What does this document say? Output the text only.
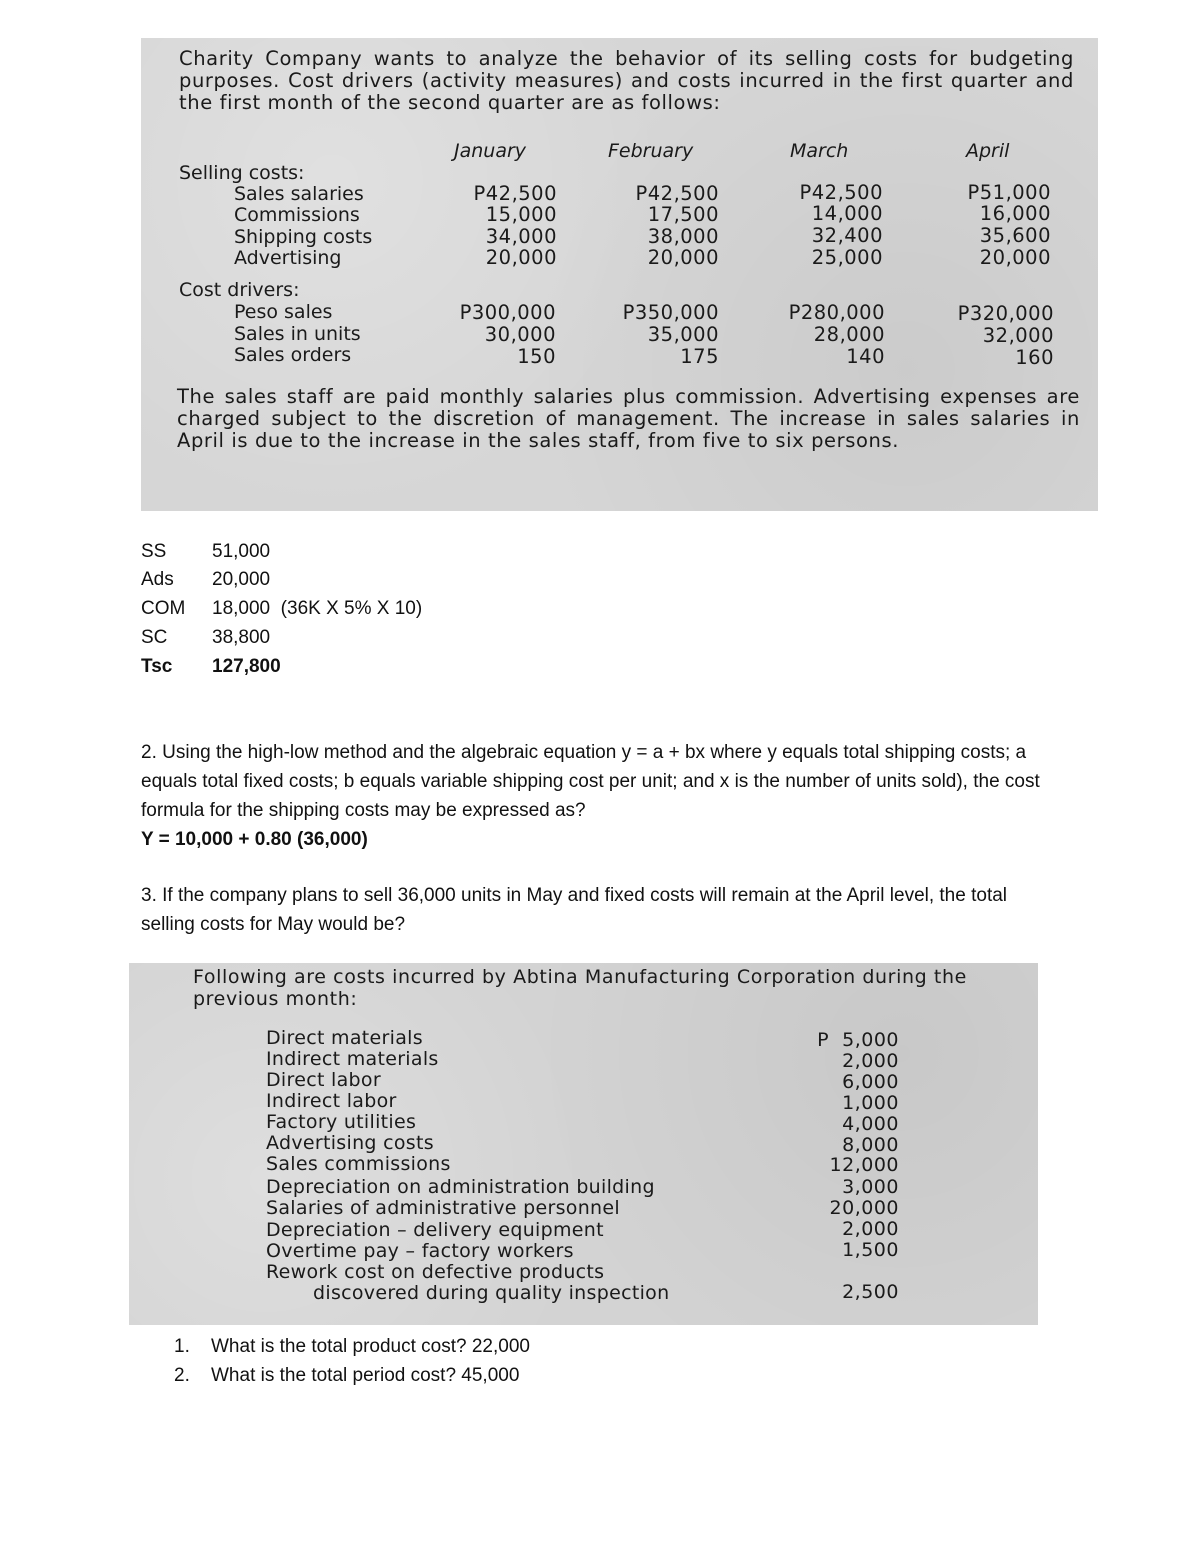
Charity Company wants to analyze the behavior of its selling costs for budgeting purposes. Cost drivers (activity measures) and costs incurred in the first quarter and the first month of the second quarter are as follows:

January	February	March	April
Selling costs:
Sales salaries	P42,500	P42,500	P42,500	P51,000
Commissions	15,000	17,500	14,000	16,000
Shipping costs	34,000	38,000	32,400	35,600
Advertising	20,000	20,000	25,000	20,000
Cost drivers:
Peso sales	P300,000	P350,000	P280,000	P320,000
Sales in units	30,000	35,000	28,000	32,000
Sales orders	150	175	140	160

The sales staff are paid monthly salaries plus commission. Advertising expenses are charged subject to the discretion of management. The increase in sales salaries in April is due to the increase in the sales staff, from five to six persons.

SS 51,000
Ads 20,000
COM 18,000  (36K X 5% X 10)
SC 38,800
Tsc 127,800

2. Using the high-low method and the algebraic equation y = a + bx where y equals total shipping costs; a equals total fixed costs; b equals variable shipping cost per unit; and x is the number of units sold), the cost formula for the shipping costs may be expressed as?

Y = 10,000 + 0.80 (36,000)

3. If the company plans to sell 36,000 units in May and fixed costs will remain at the April level, the total selling costs for May would be?

Following are costs incurred by Abtina Manufacturing Corporation during the previous month:

Direct materials	P  5,000
Indirect materials	2,000
Direct labor	6,000
Indirect labor	1,000
Factory utilities	4,000
Advertising costs	8,000
Sales commissions	12,000
Depreciation on administration building	3,000
Salaries of administrative personnel	20,000
Depreciation – delivery equipment	2,000
Overtime pay – factory workers	1,500
Rework cost on defective products
discovered during quality inspection	2,500
1. What is the total product cost? 22,000
2. What is the total period cost? 45,000
